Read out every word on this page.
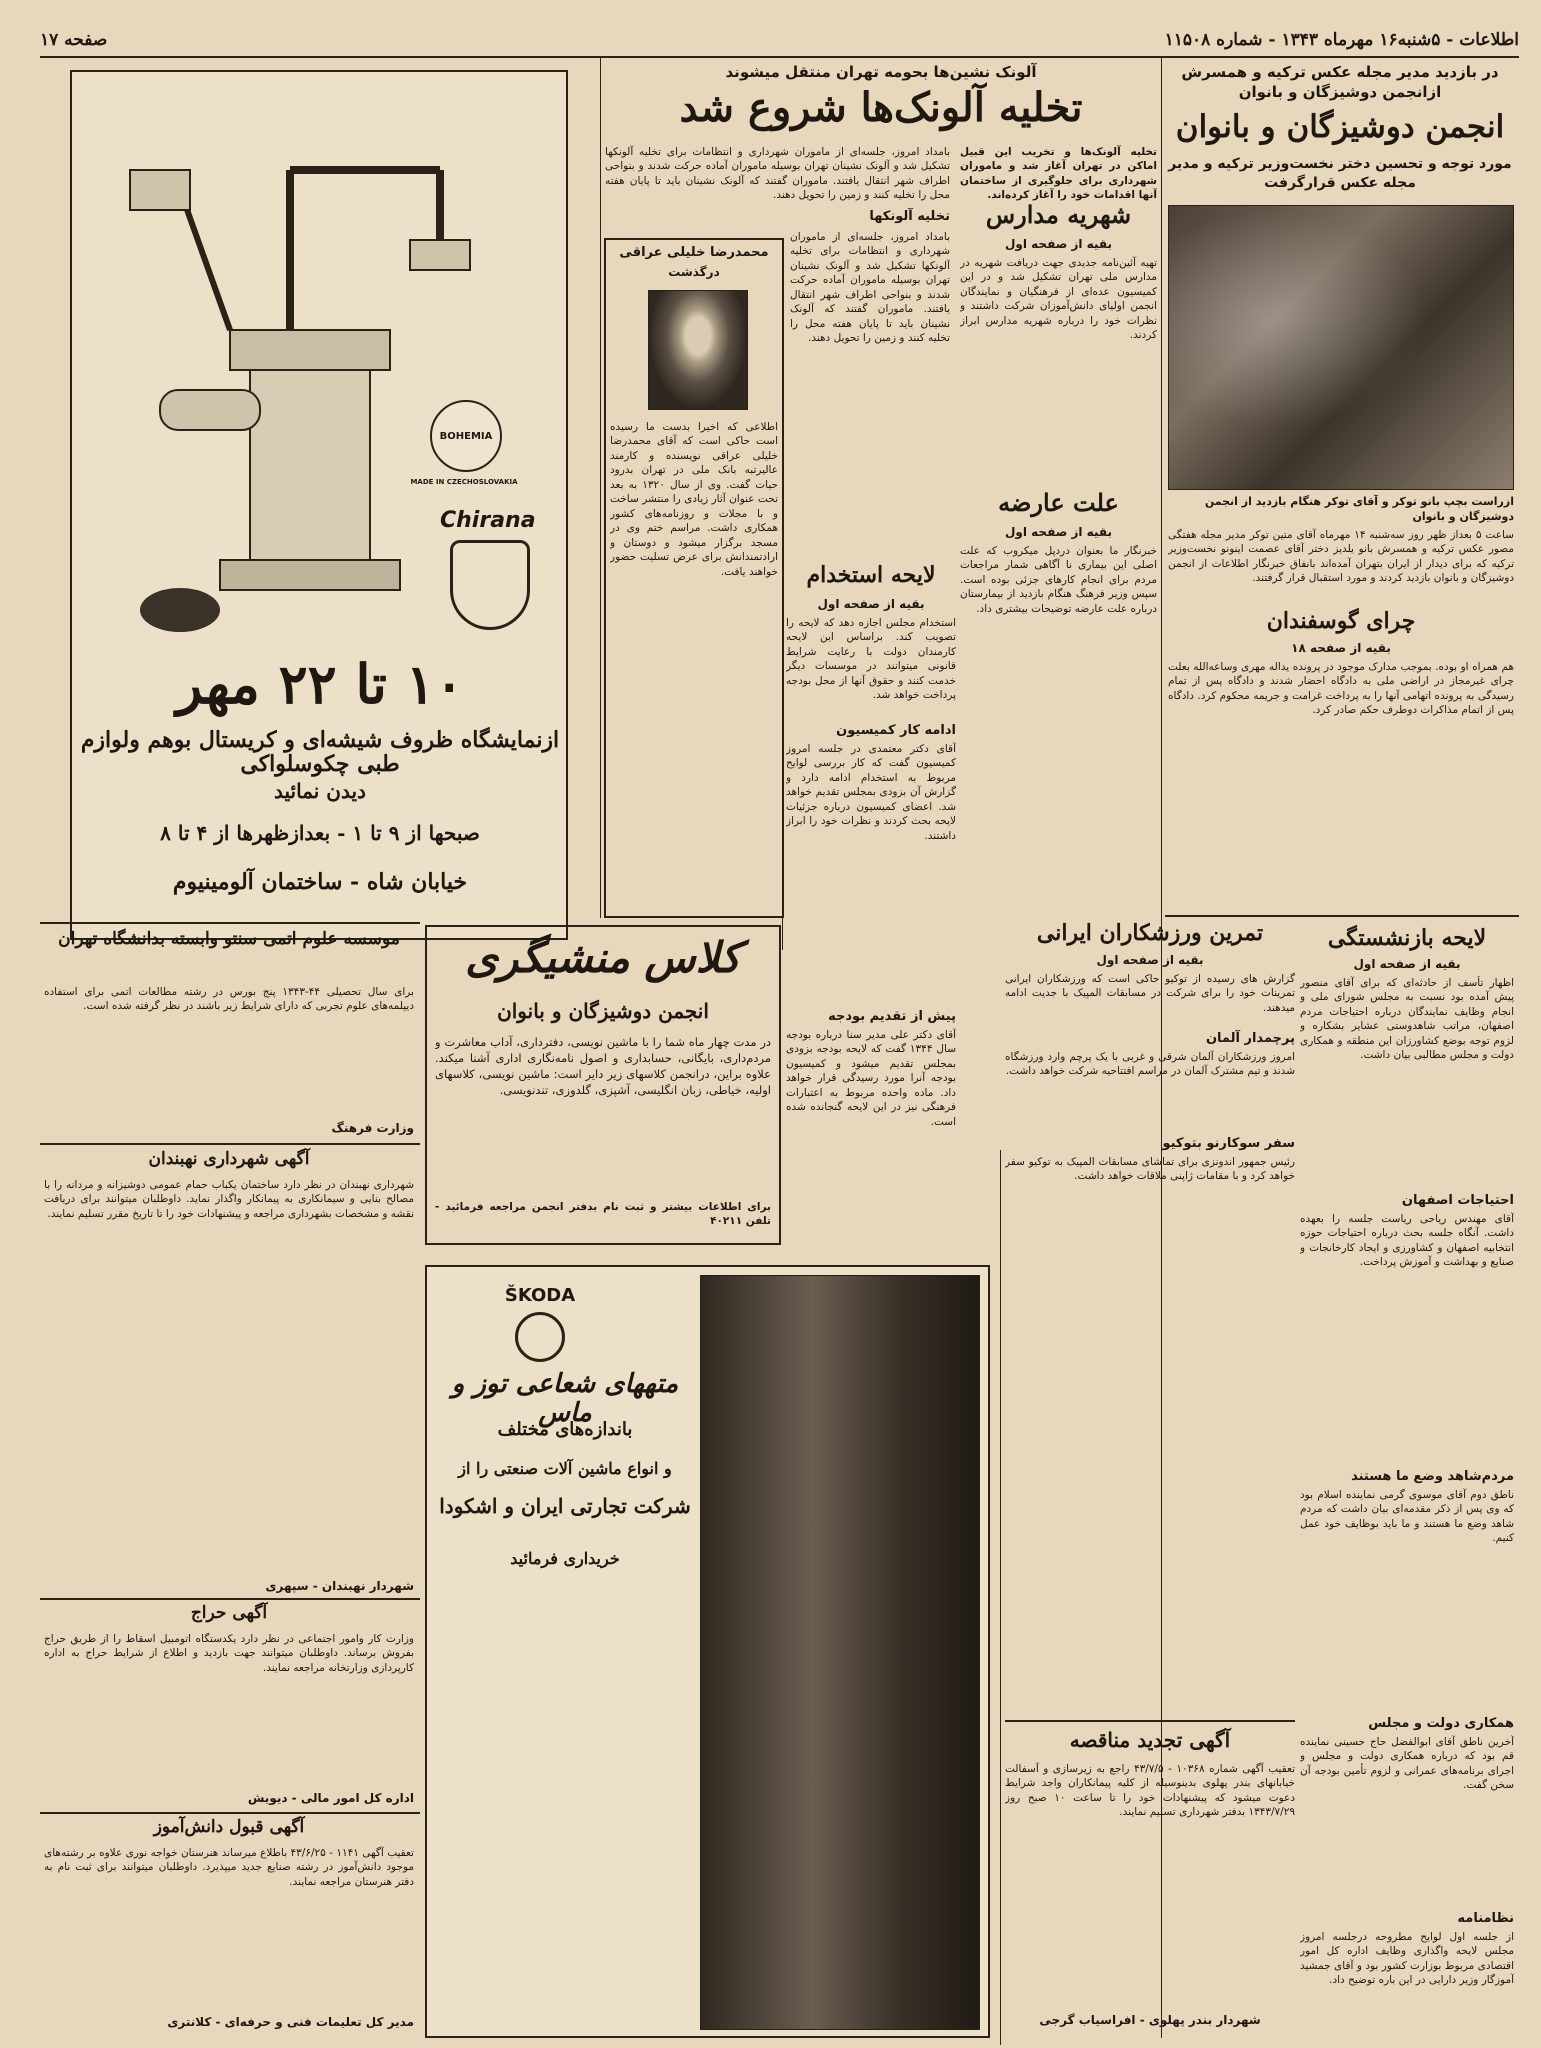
اطلاعات - ۵شنبه۱۶ مهرماه ۱۳۴۳ - شماره ۱۱۵۰۸
صفحه ۱۷
در بازدید مدیر مجله عکس ترکیه و همسرش ازانجمن دوشیزگان و بانوان
انجمن دوشیزگان و بانوان
مورد توجه و تحسین دختر نخست‌وزیر ترکیه و مدیر مجله عکس قرارگرفت
ازراست بچپ بانو توکر و آقای توکر هنگام بازدید از انجمن دوشیزگان و بانوان
ساعت ۵ بعداز ظهر روز سه‌شنبه ۱۴ مهرماه آقای متین توکر مدیر مجله هفتگی مصور عکس ترکیه و همسرش بانو یلدیز دختر آقای عصمت اینونو نخست‌وزیر ترکیه که برای دیدار از ایران بتهران آمده‌اند بانفاق خبرنگار اطلاعات از انجمن دوشیزگان و بانوان بازدید کردند و مورد استقبال قرار گرفتند.
چرای گوسفندان
بقیه از صفحه ۱۸
هم همراه او بوده. بموجب مدارک موجود در پرونده یداله مهری وساعه‌الله بعلت چرای غیرمجاز در اراضی ملی به دادگاه احضار شدند و دادگاه پس از تمام رسیدگی به پرونده اتهامی آنها را به پرداخت غرامت و جریمه محکوم کرد. دادگاه پس از اتمام مذاکرات دوطرف حکم صادر کرد.
لایحه بازنشستگی
بقیه از صفحه اول
اظهار تأسف از حادثه‌ای که برای آقای منصور پیش آمده بود نسبت به مجلس شورای ملی و انجام وظایف نمایندگان درباره احتیاجات مردم اصفهان، مراتب شاهدوستی عشایر بشکاره و لزوم توجه بوضع کشاورزان این منطقه و همکاری دولت و مجلس مطالبی بیان داشت.
احتیاجات اصفهان
آقای مهندس ریاحی ریاست جلسه را بعهده داشت. آنگاه جلسه بحث درباره احتیاجات حوزه انتخابیه اصفهان و کشاورزی و ایجاد کارخانجات و صنایع و بهداشت و آموزش پرداخت.
مردم‌شاهد وضع ما هستند
ناطق دوم آقای موسوی گرمی نماینده اسلام بود که وی پس از ذکر مقدمه‌ای بیان داشت که مردم شاهد وضع ما هستند و ما باید بوظایف خود عمل کنیم.
همکاری دولت و مجلس
آخرین ناطق آقای ابوالفضل حاج حسینی نماینده قم بود که درباره همکاری دولت و مجلس و اجرای برنامه‌های عمرانی و لزوم تأمین بودجه آن سخن گفت.
نظامنامه
از جلسه اول لوایح مطروحه درجلسه امروز مجلس لایحه واگذاری وظایف اداره کل امور اقتصادی مربوط بوزارت کشور بود و آقای جمشید آموزگار وزیر دارایی در این باره توضیح داد.
آلونک نشین‌ها بحومه تهران منتقل میشوند
تخلیه آلونک‌ها شروع شد
تخلیه آلونک‌ها و تخریب این قبیل اماکن در تهران آغاز شد و ماموران شهرداری برای جلوگیری از ساختمان آنها اقدامات خود را آغاز کرده‌اند.
بامداد امروز، جلسه‌ای از ماموران شهرداری و انتظامات برای تخلیه آلونکها تشکیل شد و آلونک نشینان تهران بوسیله ماموران آماده حرکت شدند و بنواحی اطراف شهر انتقال یافتند. ماموران گفتند که آلونک نشینان باید تا پایان هفته محل را تخلیه کنند و زمین را تحویل دهند.
تخلیه آلونکها	شهریه مدارس
بقیه از صفحه اول
تهیه آئین‌نامه جدیدی جهت دریافت شهریه در مدارس ملی تهران تشکیل شد و در این کمیسیون عده‌ای از فرهنگیان و نمایندگان انجمن اولیای دانش‌آموزان شرکت داشتند و نظرات خود را درباره شهریه مدارس ابراز کردند.
علت عارضه
بقیه از صفحه اول
خبرنگار ما بعنوان دردپل میکروب که علت اصلی این بیماری نا آگاهی شمار مراجعات مردم برای انجام کارهای جزئی بوده است. سپس وزیر فرهنگ هنگام بازدید از بیمارستان درباره علت عارضه توضیحات بیشتری داد.
بامداد امروز، جلسه‌ای از ماموران شهرداری و انتظامات برای تخلیه آلونکها تشکیل شد و آلونک نشینان تهران بوسیله ماموران آماده حرکت شدند و بنواحی اطراف شهر انتقال یافتند. ماموران گفتند که آلونک نشینان باید تا پایان هفته محل را تخلیه کنند و زمین را تحویل دهند.
لایحه استخدام
بقیه از صفحه اول
استخدام مجلس اجازه دهد که لایحه را تصویب کند. براساس این لایحه کارمندان دولت با رعایت شرایط قانونی میتوانند در موسسات دیگر خدمت کنند و حقوق آنها از محل بودجه پرداخت خواهد شد.
ادامه کار کمیسیون
آقای دکتر معتمدی در جلسه امروز کمیسیون گفت که کار بررسی لوایح مربوط به استخدام ادامه دارد و گزارش آن بزودی بمجلس تقدیم خواهد شد. اعضای کمیسیون درباره جزئیات لایحه بحث کردند و نظرات خود را ابراز داشتند.
پیش از تقدیم بودجه
آقای دکتر علی مدیر سنا درباره بودجه سال ۱۳۴۴ گفت که لایحه بودجه بزودی بمجلس تقدیم میشود و کمیسیون بودجه آنرا مورد رسیدگی قرار خواهد داد. ماده واحده مربوط به اعتبارات فرهنگی نیز در این لایحه گنجانده شده است.
محمدرضا خلیلی عراقی
درگذشت
اطلاعی که اخیرا بدست ما رسیده است حاکی است که آقای محمدرضا خلیلی عراقی نویسنده و کارمند عالیرتبه بانک ملی در تهران بدرود حیات گفت. وی از سال ۱۳۲۰ به بعد تحت عنوان آثار زیادی را منتشر ساخت و با مجلات و روزنامه‌های کشور همکاری داشت. مراسم ختم وی در مسجد برگزار میشود و دوستان و ارادتمندانش برای عرض تسلیت حضور خواهند یافت.
تمرین ورزشکاران ایرانی
بقیه از صفحه اول
گزارش های رسیده از توکیو حاکی است که ورزشکاران ایرانی تمرینات خود را برای شرکت در مسابقات المپیک با جدیت ادامه میدهند.
پرچمدار آلمان
امروز ورزشکاران آلمان شرقی و غربی با یک پرچم وارد ورزشگاه شدند و تیم مشترک آلمان در مراسم افتتاحیه شرکت خواهد داشت.
سفر سوکارنو بتوکیو
رئیس جمهور اندونزی برای تماشای مسابقات المپیک به توکیو سفر خواهد کرد و با مقامات ژاپنی ملاقات خواهد داشت.
آگهی تجدید مناقصه
تعقیب آگهی شماره ۱۰۳۶۸ - ۴۳/۷/۵ راجع به زیرسازی و آسفالت خیابانهای بندر پهلوی بدینوسیله از کلیه پیمانکاران واجد شرایط دعوت میشود که پیشنهادات خود را تا ساعت ۱۰ صبح روز ۱۳۴۳/۷/۲۹ بدفتر شهرداری تسلیم نمایند.
شهردار بندر پهلوی - افراسیاب گرجی
BOHEMIA
MADE IN CZECHOSLOVAKIA
Chirana
۱۰ تا ۲۲ مهر
ازنمایشگاه ظروف شیشه‌ای و کریستال بوهم ولوازم طبی چکوسلواکی
دیدن نمائید
صبحها از ۹ تا ۱ - بعدازظهرها از ۴ تا ۸
خیابان شاه - ساختمان آلومینیوم
کلاس منشیگری
انجمن دوشیزگان و بانوان
در مدت چهار ماه شما را با ماشین نویسی، دفترداری، آداب معاشرت و مردم‌داری، بایگانی، حسابداری و اصول نامه‌نگاری اداری آشنا میکند. علاوه براین، درانجمن کلاسهای زیر دایر است: ماشین نویسی، کلاسهای اولیه، خیاطی، زبان انگلیسی، آشپزی، گلدوزی، تندنویسی.
برای اطلاعات بیشتر و ثبت نام بدفتر انجمن مراجعه فرمائید - تلفن ۴۰۲۱۱
ŠKODA
متههای شعاعی توز و ماس
باندازه‌های مختلف
و انواع ماشین آلات صنعتی را از
شرکت تجارتی ایران و اشکودا
خریداری فرمائید
موسسه علوم اتمی سنتو وابسته بدانشگاه تهران
برای سال تحصیلی ۴۴-۱۳۴۳ پنج بورس در رشته مطالعات اتمی برای استفاده دیپلمه‌های علوم تجربی که دارای شرایط زیر باشند در نظر گرفته شده است.
وزارت فرهنگ
آگهی شهرداری نهبندان
شهرداری نهبندان در نظر دارد ساختمان یکباب حمام عمومی دوشیزانه و مردانه را با مصالح بنایی و سیمانکاری به پیمانکار واگذار نماید. داوطلبان میتوانند برای دریافت نقشه و مشخصات بشهرداری مراجعه و پیشنهادات خود را تا تاریخ مقرر تسلیم نمایند.
شهردار نهبندان - سپهری
آگهی حراج
وزارت کار وامور اجتماعی در نظر دارد یکدستگاه اتومبیل اسقاط را از طریق حراج بفروش برساند. داوطلبان میتوانند جهت بازدید و اطلاع از شرایط حراج به اداره کارپردازی وزارتخانه مراجعه نمایند.
اداره کل امور مالی - دیویش
آگهی قبول دانش‌آموز
تعقیب آگهی ۱۱۴۱ - ۴۳/۶/۲۵ باطلاع میرساند هنرستان خواجه نوری علاوه بر رشته‌های موجود دانش‌آموز در رشته صنایع جدید میپذیرد. داوطلبان میتوانند برای ثبت نام به دفتر هنرستان مراجعه نمایند.
مدیر کل تعلیمات فنی و حرفه‌ای - کلانتری
